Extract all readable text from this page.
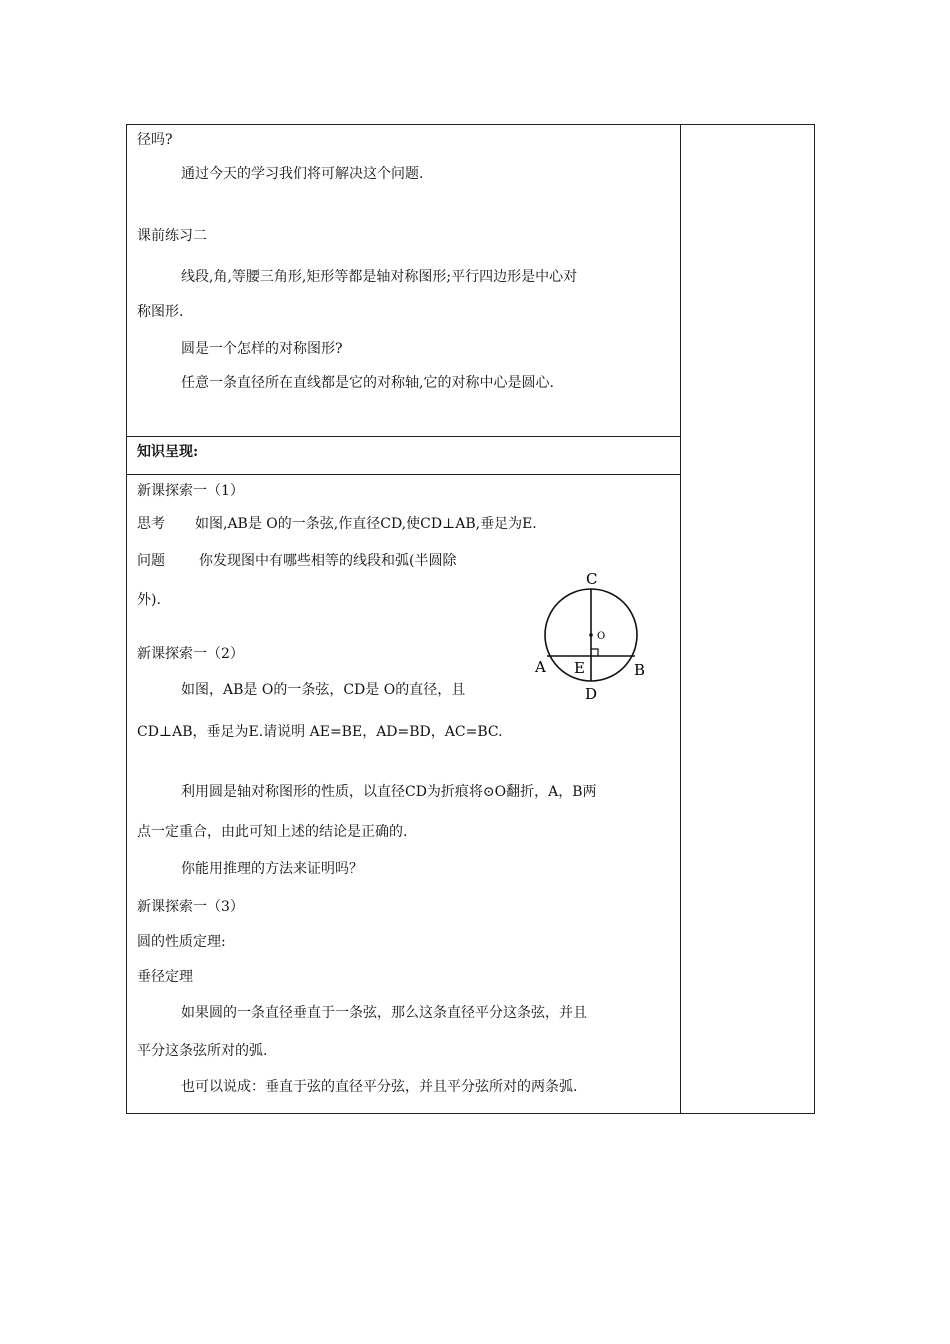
径吗?
通过今天的学习我们将可解决这个问题.
课前练习二
线段,角,等腰三角形,矩形等都是轴对称图形;平行四边形是中心对
称图形.
圆是一个怎样的对称图形?
任意一条直径所在直线都是它的对称轴,它的对称中心是圆心.
知识呈现:
新课探索一（1）
思考 如图,AB是 O的一条弦,作直径CD,使CD⊥AB,垂足为E.
问题 你发现图中有哪些相等的线段和弧(半圆除
外).
新课探索一（2）
如图，AB是 O的一条弦，CD是 O的直径，且
CD⊥AB，垂足为E.请说明 AE=BE，AD=BD，AC=BC.
利用圆是轴对称图形的性质，以直径CD为折痕将⊙O翻折，A，B两
点一定重合，由此可知上述的结论是正确的.
你能用推理的方法来证明吗？
新课探索一（3）
圆的性质定理:
垂径定理
如果圆的一条直径垂直于一条弦，那么这条直径平分这条弦，并且
平分这条弦所对的弧.
也可以说成：垂直于弦的直径平分弦，并且平分弦所对的两条弧.
C
O
A E	B
D
